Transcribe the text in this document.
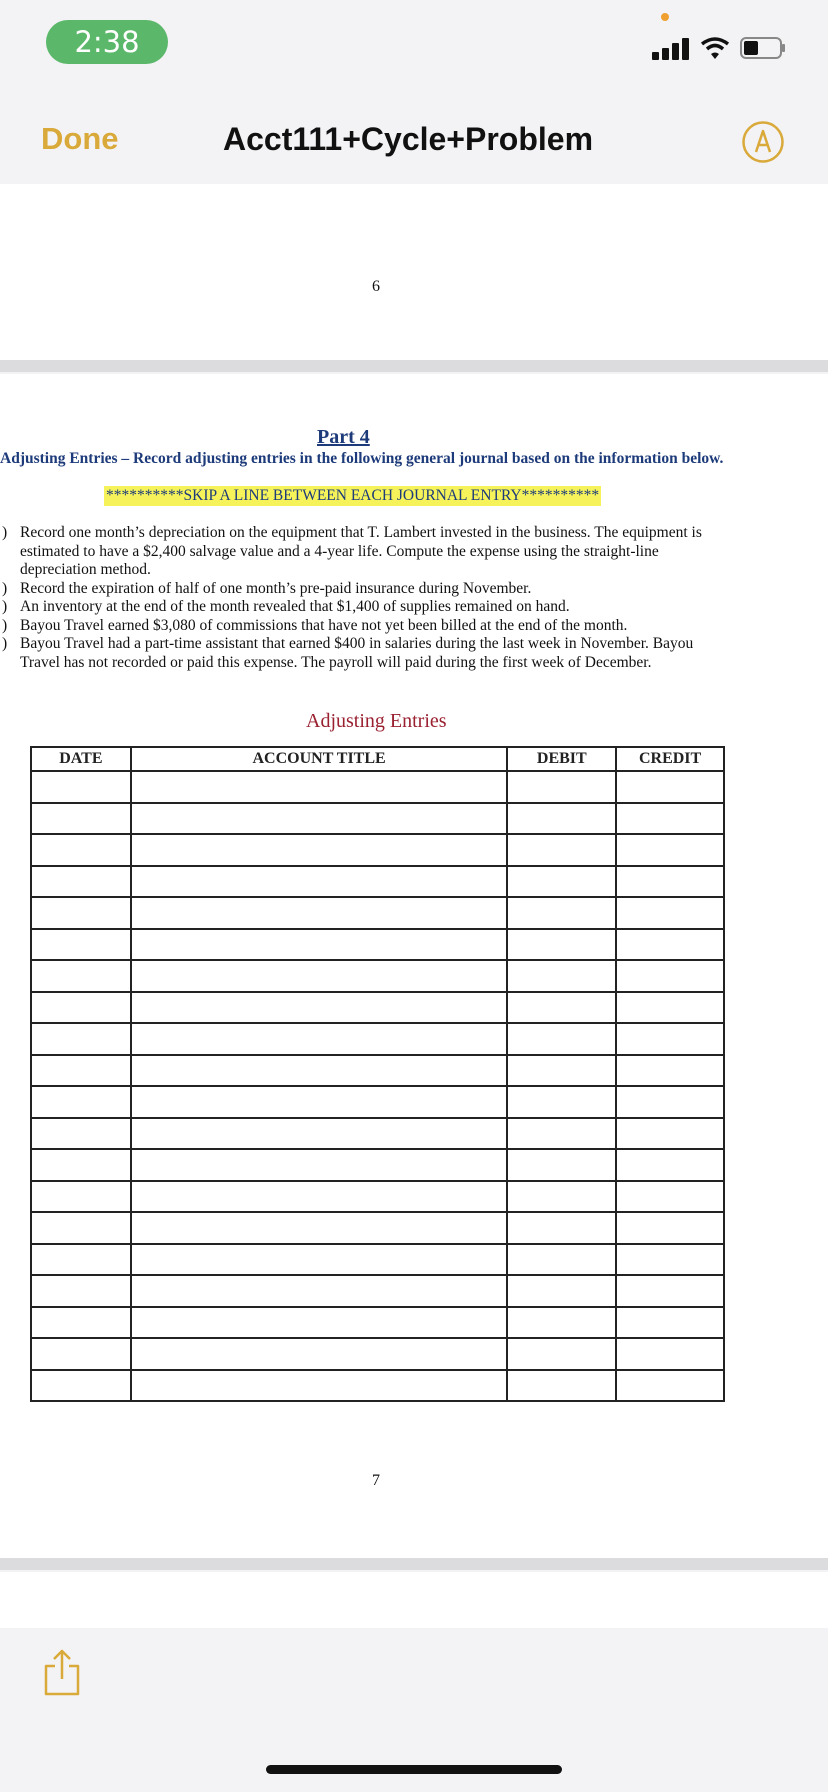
2:38
Done	Acct111+Cycle+Problem
6
Part 4
Adjusting Entries – Record adjusting entries in the following general journal based on the information below.
**********SKIP A LINE BETWEEN EACH JOURNAL ENTRY**********
) Record one month’s depreciation on the equipment that T. Lambert invested in the business. The equipment is
estimated to have a $2,400 salvage value and a 4-year life. Compute the expense using the straight-line
depreciation method.
) Record the expiration of half of one month’s pre-paid insurance during November.
) An inventory at the end of the month revealed that $1,400 of supplies remained on hand.
) Bayou Travel earned $3,080 of commissions that have not yet been billed at the end of the month.
) Bayou Travel had a part-time assistant that earned $400 in salaries during the last week in November. Bayou
Travel has not recorded or paid this expense. The payroll will paid during the first week of December.
Adjusting Entries
DATE	ACCOUNT TITLE	DEBIT	CREDIT

7
